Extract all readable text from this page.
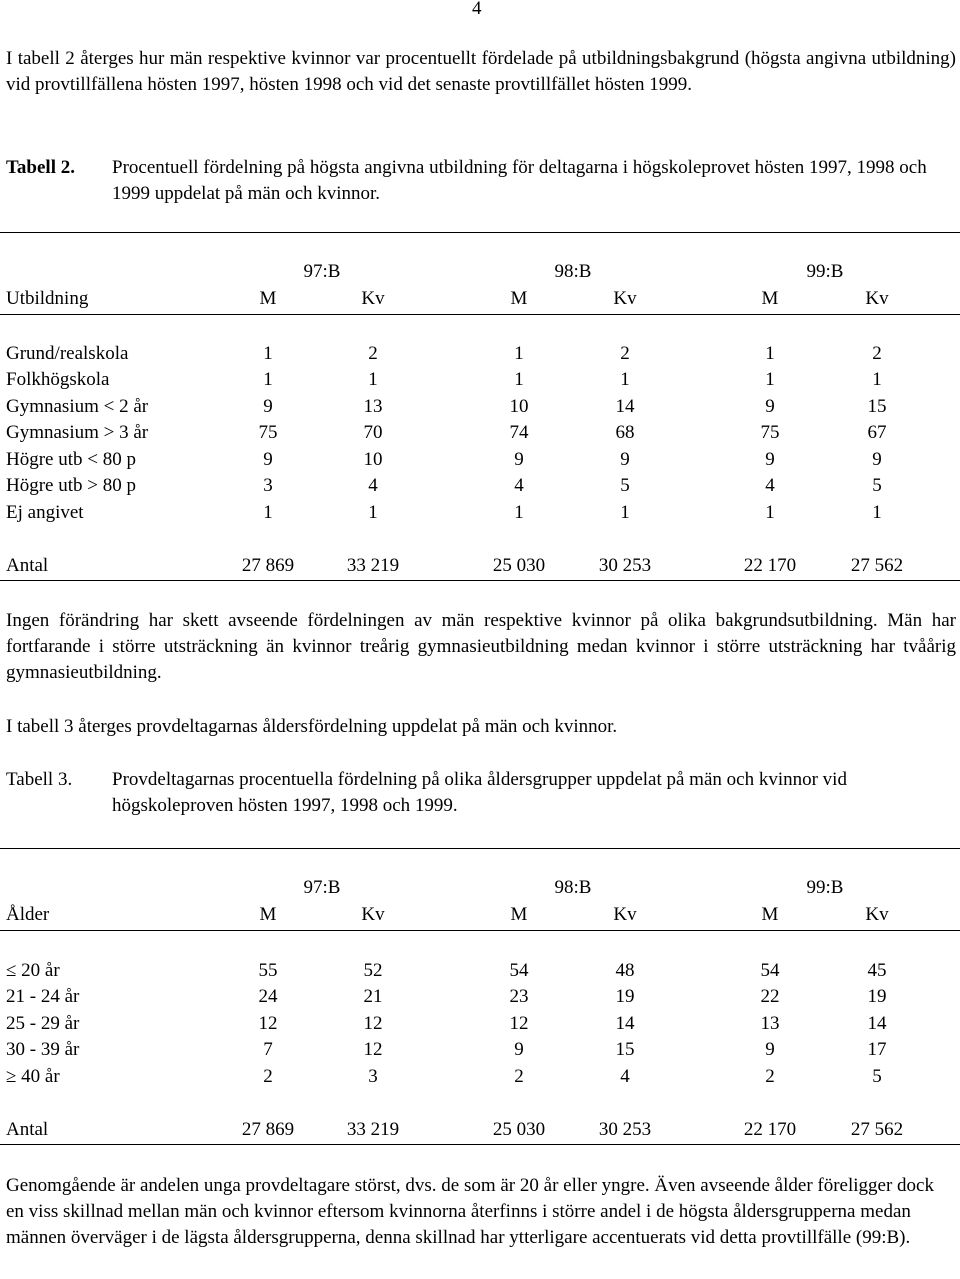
4

I tabell 2 återges hur män respektive kvinnor var procentuellt fördelade på utbildningsbakgrund (högsta angivna utbildning) vid provtillfällena hösten 1997, hösten 1998 och vid det senaste provtillfället hösten 1999.

Tabell 2. Procentuell fördelning på högsta angivna utbildning för deltagarna i högskoleprovet hösten 1997, 1998 och 1999 uppdelat på män och kvinnor.
97:B	98:B	99:B
Utbildning	M	Kv	M	Kv	M	Kv
Grund/realskola	1	2	1	2	1	2
Folkhögskola	1	1	1	1	1	1
Gymnasium < 2 år	9	13	10	14	9	15
Gymnasium > 3 år	75	70	74	68	75	67
Högre utb < 80 p	9	10	9	9	9	9
Högre utb > 80 p	3	4	4	5	4	5
Ej angivet	1	1	1	1	1	1
Antal	27 869	33 219	25 030	30 253	22 170	27 562

Ingen förändring har skett avseende fördelningen av män respektive kvinnor på olika bakgrundsutbildning. Män har fortfarande i större utsträckning än kvinnor treårig gymnasieutbildning medan kvinnor i större utsträckning har tvåårig gymnasieutbildning.

I tabell 3 återges provdeltagarnas åldersfördelning uppdelat på män och kvinnor.

Tabell 3. Provdeltagarnas procentuella fördelning på olika åldersgrupper uppdelat på män och kvinnor vid högskoleproven hösten 1997, 1998 och 1999.
97:B	98:B	99:B
Ålder	M	Kv	M	Kv	M	Kv
≤ 20 år	55	52	54	48	54	45
21 - 24 år	24	21	23	19	22	19
25 - 29 år	12	12	12	14	13	14
30 - 39 år	7	12	9	15	9	17
≥ 40 år	2	3	2	4	2	5
Antal	27 869	33 219	25 030	30 253	22 170	27 562

Genomgående är andelen unga provdeltagare störst, dvs. de som är 20 år eller yngre. Även avseende ålder föreligger dock en viss skillnad mellan män och kvinnor eftersom kvinnorna återfinns i större andel i de högsta åldersgrupperna medan männen överväger i de lägsta åldersgrupperna, denna skillnad har ytterligare accentuerats vid detta provtillfälle (99:B).
